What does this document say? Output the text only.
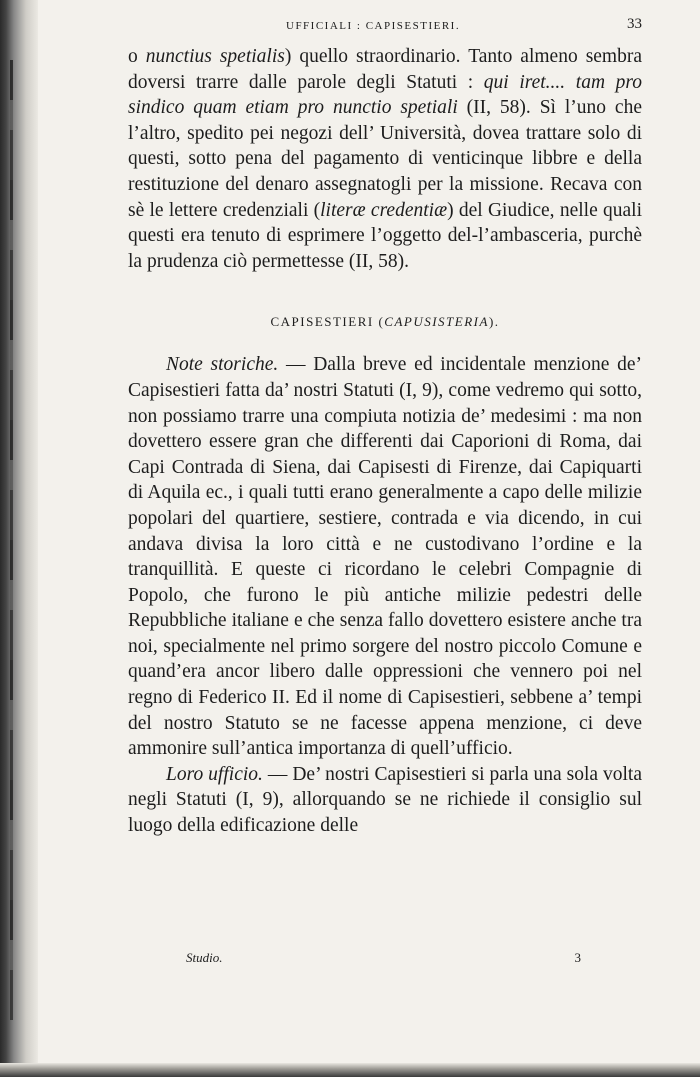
UFFICIALI : CAPISESTIERI.	33

o nunctius spetialis) quello straordinario. Tanto almeno sembra doversi trarre dalle parole degli Statuti : qui iret.... tam pro sindico quam etiam pro nunctio spetiali (II, 58). Sì l’uno che l’altro, spedito pei negozi dell’ Università, dovea trattare solo di questi, sotto pena del pagamento di venticinque libbre e della restituzione del denaro assegnatogli per la missione. Recava con sè le lettere credenziali (literæ credentiæ) del Giudice, nelle quali questi era tenuto di esprimere l’oggetto del-l’ambasceria, purchè la prudenza ciò permettesse (II, 58).

CAPISESTIERI (CAPUSISTERIA).

Note storiche. — Dalla breve ed incidentale menzione de’ Capisestieri fatta da’ nostri Statuti (I, 9), come vedremo qui sotto, non possiamo trarre una compiuta notizia de’ medesimi : ma non dovettero essere gran che differenti dai Caporioni di Roma, dai Capi Contrada di Siena, dai Capisesti di Firenze, dai Capiquarti di Aquila ec., i quali tutti erano generalmente a capo delle milizie popolari del quartiere, sestiere, contrada e via dicendo, in cui andava divisa la loro città e ne custodivano l’ordine e la tranquillità. E queste ci ricordano le celebri Compagnie di Popolo, che furono le più antiche milizie pedestri delle Repubbliche italiane e che senza fallo dovettero esistere anche tra noi, specialmente nel primo sorgere del nostro piccolo Comune e quand’era ancor libero dalle oppressioni che vennero poi nel regno di Federico II. Ed il nome di Capisestieri, sebbene a’ tempi del nostro Statuto se ne facesse appena menzione, ci deve ammonire sull’antica importanza di quell’ufficio.

Loro ufficio. — De’ nostri Capisestieri si parla una sola volta negli Statuti (I, 9), allorquando se ne richiede il consiglio sul luogo della edificazione delle

Studio.	3
